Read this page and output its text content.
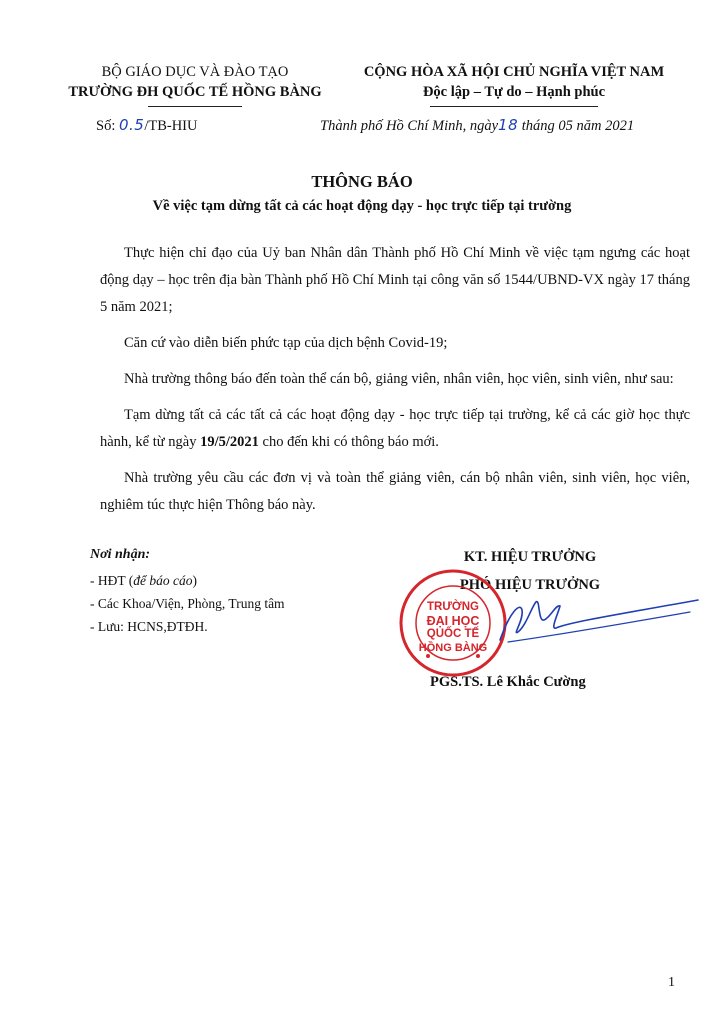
BỘ GIÁO DỤC VÀ ĐÀO TẠO
TRƯỜNG ĐH QUỐC TẾ HỒNG BÀNG
CỘNG HÒA XÃ HỘI CHỦ NGHĨA VIỆT NAM
Độc lập – Tự do – Hạnh phúc
Số: 0.5/TB-HIU	Thành phố Hồ Chí Minh, ngày18 tháng 05 năm 2021
THÔNG BÁO
Về việc tạm dừng tất cả các hoạt động dạy - học trực tiếp tại trường

Thực hiện chỉ đạo của Uỷ ban Nhân dân Thành phố Hồ Chí Minh về việc tạm ngưng các hoạt động dạy – học trên địa bàn Thành phố Hồ Chí Minh tại công văn số 1544/UBND-VX ngày 17 tháng 5 năm 2021;

Căn cứ vào diễn biến phức tạp của dịch bệnh Covid-19;

Nhà trường thông báo đến toàn thể cán bộ, giảng viên, nhân viên, học viên, sinh viên, như sau:

Tạm dừng tất cả các tất cả các hoạt động dạy - học trực tiếp tại trường, kể cả các giờ học thực hành, kể từ ngày 19/5/2021 cho đến khi có thông báo mới.

Nhà trường yêu cầu các đơn vị và toàn thể giảng viên, cán bộ nhân viên, sinh viên, học viên, nghiêm túc thực hiện Thông báo này.

Nơi nhận:
- HĐT (để báo cáo)
- Các Khoa/Viện, Phòng, Trung tâm
- Lưu: HCNS,ĐTĐH.
KT. HIỆU TRƯỞNG
PHÓ HIỆU TRƯỞNG
TRƯỜNG
ĐẠI HỌC
QUỐC TẾ
HỒNG BÀNG
PGS.TS. Lê Khắc Cường
1
